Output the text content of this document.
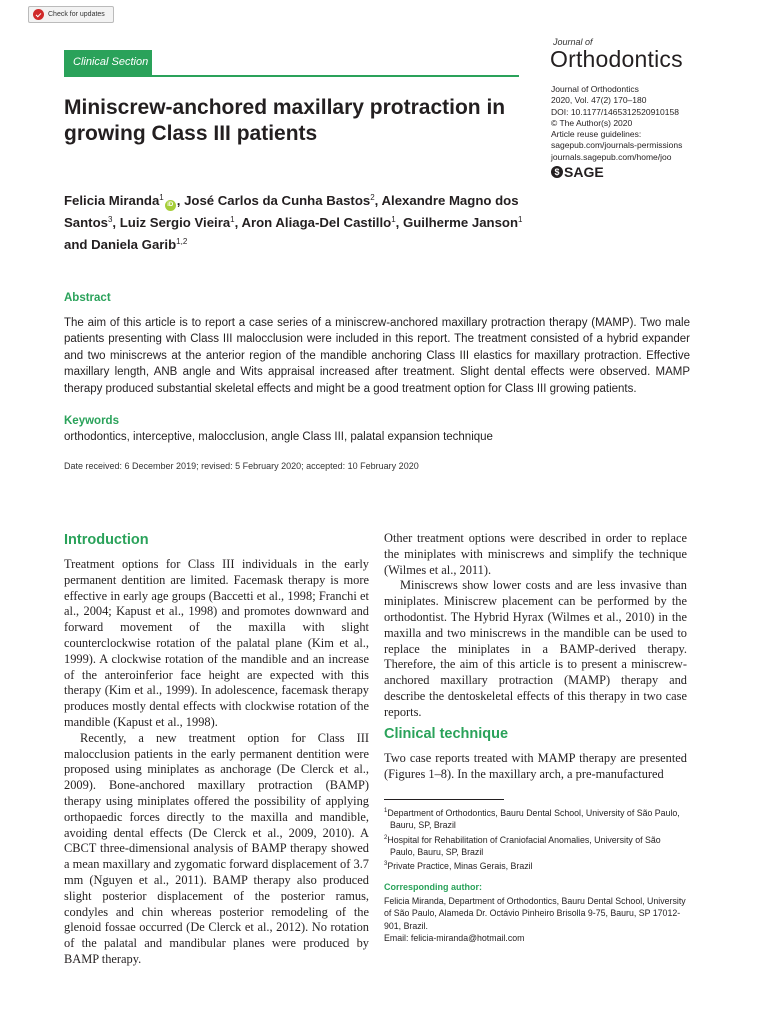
Check for updates
Clinical Section
Journal of
Orthodontics
Journal of Orthodontics
2020, Vol. 47(2) 170–180
DOI: 10.1177/1465312520910158
© The Author(s) 2020
Article reuse guidelines:
sagepub.com/journals-permissions
journals.sagepub.com/home/joo
$ SAGE
Miniscrew-anchored maxillary protraction in growing Class III patients
Felicia Miranda$^1$iD , José Carlos da Cunha Bastos$^2$, Alexandre Magno dos Santos$^3$, Luiz Sergio Vieira$^1$, Aron Aliaga-Del Castillo$^1$, Guilherme Janson$^1$ and Daniela Garib$^{1,2}$
Abstract
The aim of this article is to report a case series of a miniscrew-anchored maxillary protraction therapy (MAMP). Two male patients presenting with Class III malocclusion were included in this report. The treatment consisted of a hybrid expander and two miniscrews at the anterior region of the mandible anchoring Class III elastics for maxillary protraction. Effective maxillary length, ANB angle and Wits appraisal increased after treatment. Slight dental effects were observed. MAMP therapy produced substantial skeletal effects and might be a good treatment option for Class III growing patients.
Keywords
orthodontics, interceptive, malocclusion, angle Class III, palatal expansion technique
Date received: 6 December 2019; revised: 5 February 2020; accepted: 10 February 2020
Introduction

Treatment options for Class III individuals in the early permanent dentition are limited. Facemask therapy is more effective in early age groups (Baccetti et al., 1998; Franchi et al., 2004; Kapust et al., 1998) and promotes downward and forward movement of the maxilla with slight counterclockwise rotation of the palatal plane (Kim et al., 1999). A clockwise rotation of the mandible and an increase of the anteroinferior face height are expected with this therapy (Kim et al., 1999). In adolescence, facemask therapy produces mostly dental effects with clockwise rotation of the mandible (Kapust et al., 1998).

Recently, a new treatment option for Class III malocclusion patients in the early permanent dentition were proposed using miniplates as anchorage (De Clerck et al., 2009). Bone-anchored maxillary protraction (BAMP) therapy using miniplates offered the possibility of applying orthopaedic forces directly to the maxilla and mandible, avoiding dental effects (De Clerck et al., 2009, 2010). A CBCT three-dimensional analysis of BAMP therapy showed a mean maxillary and zygomatic forward displacement of 3.7 mm (Nguyen et al., 2011). BAMP therapy also produced slight posterior displacement of the posterior ramus, condyles and chin whereas posterior remodeling of the glenoid fossae occurred (De Clerck et al., 2012). No rotation of the palatal and mandibular planes were produced by BAMP therapy.

Other treatment options were described in order to replace the miniplates with miniscrews and simplify the technique (Wilmes et al., 2011).

Miniscrews show lower costs and are less invasive than miniplates. Miniscrew placement can be performed by the orthodontist. The Hybrid Hyrax (Wilmes et al., 2010) in the maxilla and two miniscrews in the mandible can be used to replace the miniplates in a BAMP-derived therapy. Therefore, the aim of this article is to present a miniscrew-anchored maxillary protraction (MAMP) therapy and describe the dentoskeletal effects of this therapy in two case reports.

Clinical technique

Two case reports treated with MAMP therapy are presented (Figures 1–8). In the maxillary arch, a pre-manufactured

$^1$Department of Orthodontics, Bauru Dental School, University of São Paulo, Bauru, SP, Brazil
$^2$Hospital for Rehabilitation of Craniofacial Anomalies, University of São Paulo, Bauru, SP, Brazil
$^3$Private Practice, Minas Gerais, Brazil
Corresponding author:
Felicia Miranda, Department of Orthodontics, Bauru Dental School, University of São Paulo, Alameda Dr. Octávio Pinheiro Brisolla 9-75, Bauru, SP 17012-901, Brazil.
Email: felicia-miranda@hotmail.com
